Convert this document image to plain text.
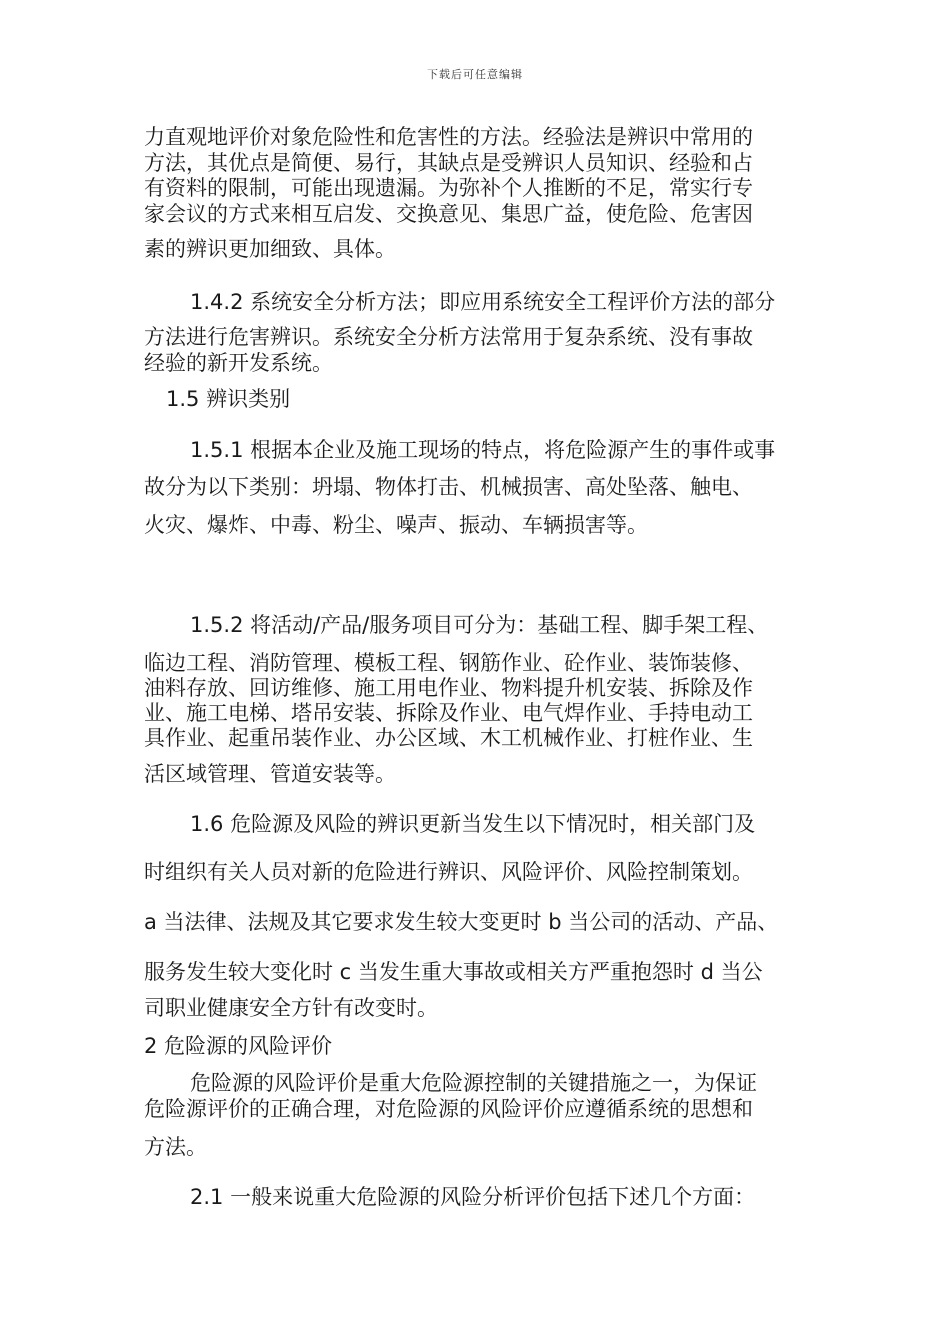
下载后可任意编辑
力直观地评价对象危险性和危害性的方法。经验法是辨识中常用的
方法，其优点是简便、易行，其缺点是受辨识人员知识、经验和占
有资料的限制，可能出现遗漏。为弥补个人推断的不足，常实行专
家会议的方式来相互启发、交换意见、集思广益，使危险、危害因
素的辨识更加细致、具体。
1.4.2 系统安全分析方法；即应用系统安全工程评价方法的部分
方法进行危害辨识。系统安全分析方法常用于复杂系统、没有事故
经验的新开发系统。
1.5 辨识类别
1.5.1 根据本企业及施工现场的特点，将危险源产生的事件或事
故分为以下类别：坍塌、物体打击、机械损害、高处坠落、触电、
火灾、爆炸、中毒、粉尘、噪声、振动、车辆损害等。
1.5.2 将活动/产品/服务项目可分为：基础工程、脚手架工程、
临边工程、消防管理、模板工程、钢筋作业、砼作业、装饰装修、
油料存放、回访维修、施工用电作业、物料提升机安装、拆除及作
业、施工电梯、塔吊安装、拆除及作业、电气焊作业、手持电动工
具作业、起重吊装作业、办公区域、木工机械作业、打桩作业、生
活区域管理、管道安装等。
1.6 危险源及风险的辨识更新当发生以下情况时，相关部门及
时组织有关人员对新的危险进行辨识、风险评价、风险控制策划。
a 当法律、法规及其它要求发生较大变更时 b 当公司的活动、产品、
服务发生较大变化时 c 当发生重大事故或相关方严重抱怨时 d 当公
司职业健康安全方针有改变时。
2 危险源的风险评价
危险源的风险评价是重大危险源控制的关键措施之一，为保证
危险源评价的正确合理，对危险源的风险评价应遵循系统的思想和
方法。
2.1 一般来说重大危险源的风险分析评价包括下述几个方面：
